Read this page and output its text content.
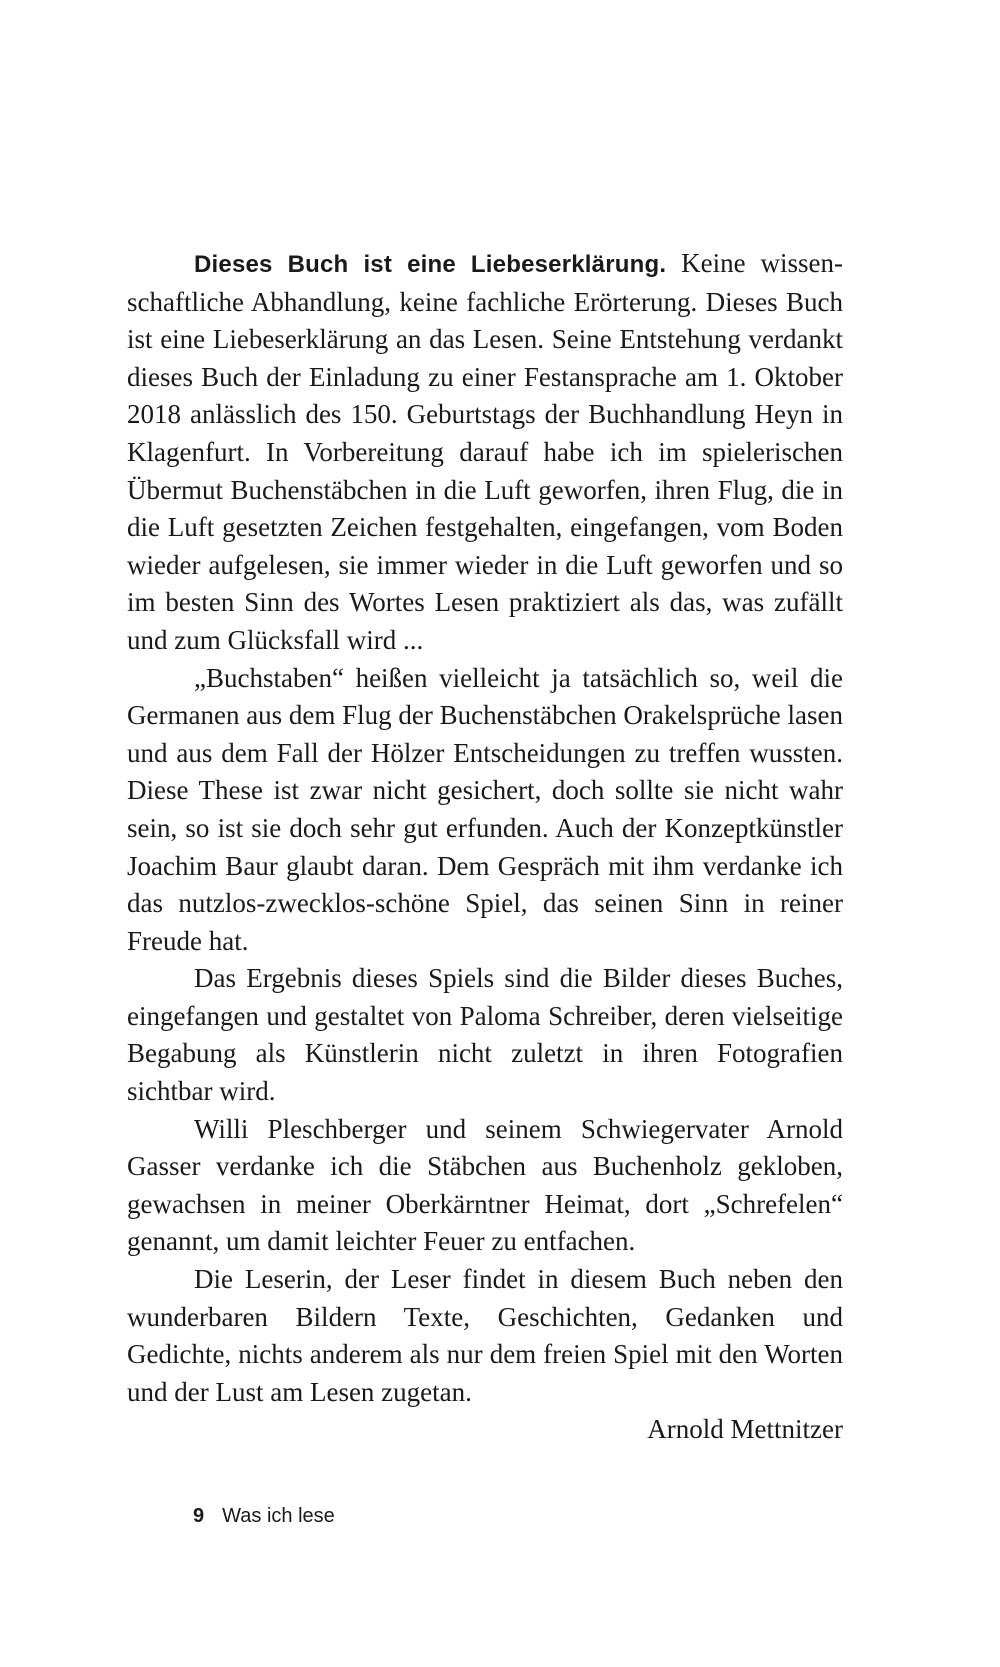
Dieses Buch ist eine Liebeserklärung. Keine wissenschaftliche Abhandlung, keine fachliche Erörterung. Dieses Buch ist eine Liebeserklärung an das Lesen. Seine Entstehung verdankt dieses Buch der Einladung zu einer Festansprache am 1. Oktober 2018 anlässlich des 150. Geburtstags der Buchhandlung Heyn in Klagenfurt. In Vorbereitung darauf habe ich im spielerischen Übermut Buchenstäbchen in die Luft geworfen, ihren Flug, die in die Luft gesetzten Zeichen festgehalten, eingefangen, vom Boden wieder aufgelesen, sie immer wieder in die Luft geworfen und so im besten Sinn des Wortes Lesen praktiziert als das, was zufällt und zum Glücksfall wird ...

„Buchstaben“ heißen vielleicht ja tatsächlich so, weil die Germanen aus dem Flug der Buchenstäbchen Orakelsprüche lasen und aus dem Fall der Hölzer Entscheidungen zu treffen wussten. Diese These ist zwar nicht gesichert, doch sollte sie nicht wahr sein, so ist sie doch sehr gut erfunden. Auch der Konzeptkünstler Joachim Baur glaubt daran. Dem Gespräch mit ihm verdanke ich das nutzlos-zwecklos-schöne Spiel, das seinen Sinn in reiner Freude hat.

Das Ergebnis dieses Spiels sind die Bilder dieses Buches, eingefangen und gestaltet von Paloma Schreiber, deren vielseitige Begabung als Künstlerin nicht zuletzt in ihren Fotografien sichtbar wird.

Willi Pleschberger und seinem Schwiegervater Arnold Gasser verdanke ich die Stäbchen aus Buchenholz gekloben, gewachsen in meiner Oberkärntner Heimat, dort „Schrefelen“ genannt, um damit leichter Feuer zu entfachen.

Die Leserin, der Leser findet in diesem Buch neben den wunderbaren Bildern Texte, Geschichten, Gedanken und Gedichte, nichts anderem als nur dem freien Spiel mit den Worten und der Lust am Lesen zugetan.

Arnold Mettnitzer

9 Was ich lese
